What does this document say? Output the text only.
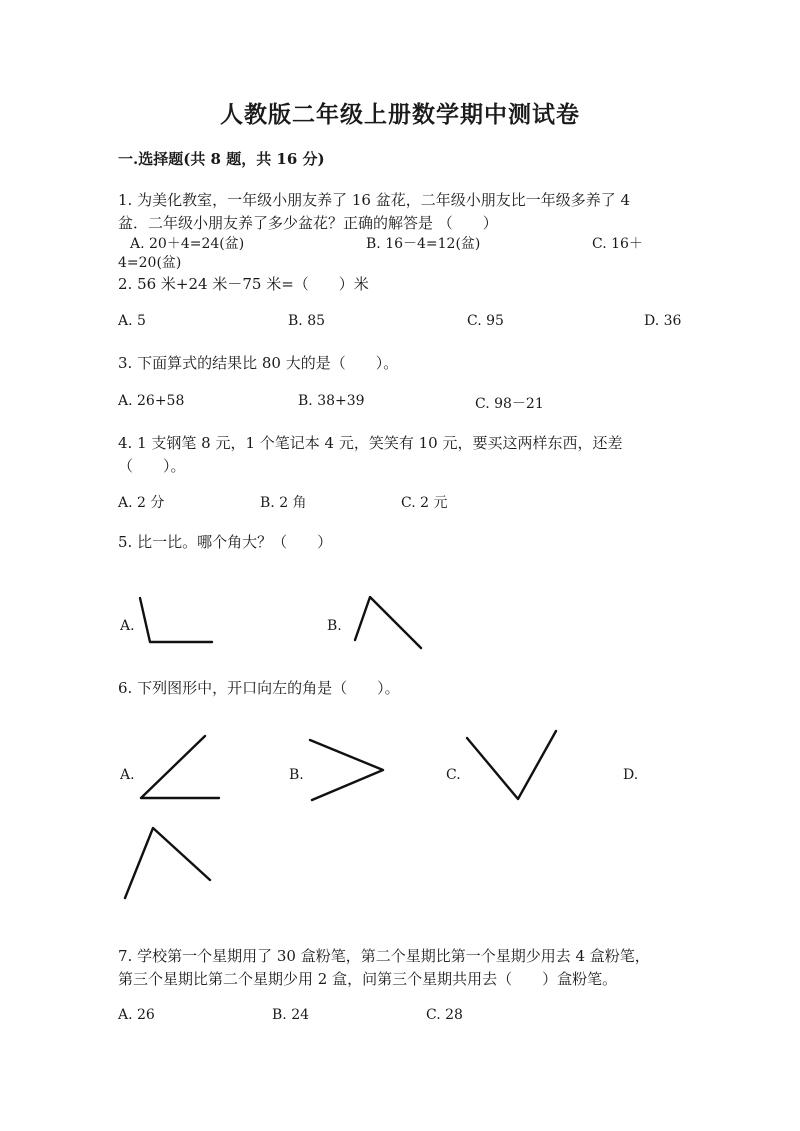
人教版二年级上册数学期中测试卷
一.选择题(共 8 题，共 16 分)
1. 为美化教室，一年级小朋友养了 16 盆花，二年级小朋友比一年级多养了 4
盆．二年级小朋友养了多少盆花？正确的解答是 （　　）
A. 20＋4=24(盆)	B. 16－4=12(盆)	C. 16＋
4=20(盆)
2. 56 米+24 米－75 米=（　　）米
A. 5	B. 85	C. 95	D. 36
3. 下面算式的结果比 80 大的是（　　）。
A. 26+58	B. 38+39	C. 98－21
4. 1 支钢笔 8 元，1 个笔记本 4 元，笑笑有 10 元，要买这两样东西，还差
（　　）。
A. 2 分	B. 2 角	C. 2 元
5. 比一比。哪个角大？（　　）
A.	B.
6. 下列图形中，开口向左的角是（　　）。
A.	B.	C.	D.
7. 学校第一个星期用了 30 盒粉笔，第二个星期比第一个星期少用去 4 盒粉笔，
第三个星期比第二个星期少用 2 盒，问第三个星期共用去（　　）盒粉笔。
A. 26	B. 24	C. 28
